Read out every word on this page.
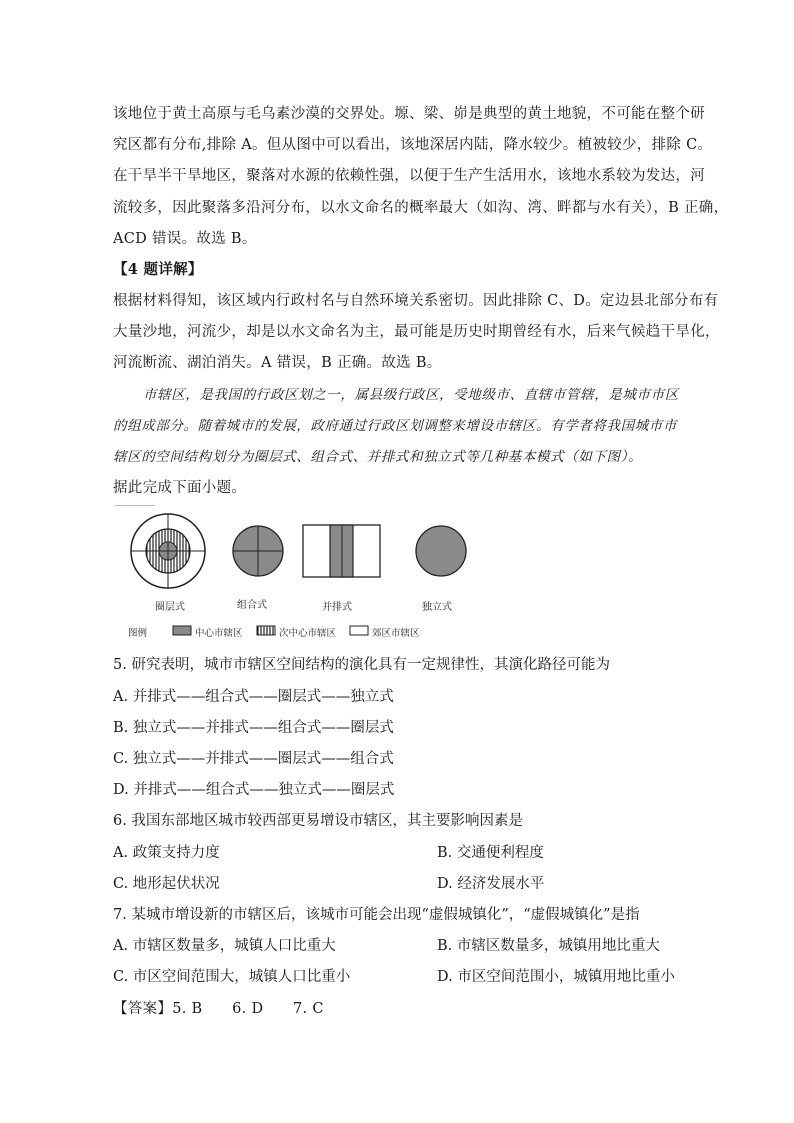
该地位于黄土高原与毛乌素沙漠的交界处。塬、梁、峁是典型的黄土地貌，不可能在整个研
究区都有分布,排除 A。但从图中可以看出，该地深居内陆，降水较少。植被较少，排除 C。
在干旱半干旱地区，聚落对水源的依赖性强，以便于生产生活用水，该地水系较为发达，河
流较多，因此聚落多沿河分布，以水文命名的概率最大（如沟、湾、畔都与水有关），B 正确，
ACD 错误。故选 B。
【4 题详解】
根据材料得知，该区域内行政村名与自然环境关系密切。因此排除 C、D。定边县北部分布有
大量沙地，河流少，却是以水文命名为主，最可能是历史时期曾经有水，后来气候趋干旱化，
河流断流、湖泊消失。A 错误，B 正确。故选 B。
市辖区，是我国的行政区划之一，属县级行政区，受地级市、直辖市管辖，是城市市区
的组成部分。随着城市的发展，政府通过行政区划调整来增设市辖区。有学者将我国城市市
辖区的空间结构划分为圈层式、组合式、并排式和独立式等几种基本模式（如下图）。
据此完成下面小题。
圈层式	组合式	并排式	独立式
图例	中心市辖区	次中心市辖区	郊区市辖区
5. 研究表明，城市市辖区空间结构的演化具有一定规律性，其演化路径可能为
A. 并排式——组合式——圈层式——独立式
B. 独立式——并排式——组合式——圈层式
C. 独立式——并排式——圈层式——组合式
D. 并排式——组合式——独立式——圈层式
6. 我国东部地区城市较西部更易增设市辖区，其主要影响因素是
A. 政策支持力度	B. 交通便利程度
C. 地形起伏状况	D. 经济发展水平
7. 某城市增设新的市辖区后，该城市可能会出现“虚假城镇化”，“虚假城镇化”是指
A. 市辖区数量多，城镇人口比重大	B. 市辖区数量多，城镇用地比重大
C. 市区空间范围大，城镇人口比重小	D. 市区空间范围小，城镇用地比重小
【答案】5. B　　6. D　　7. C
